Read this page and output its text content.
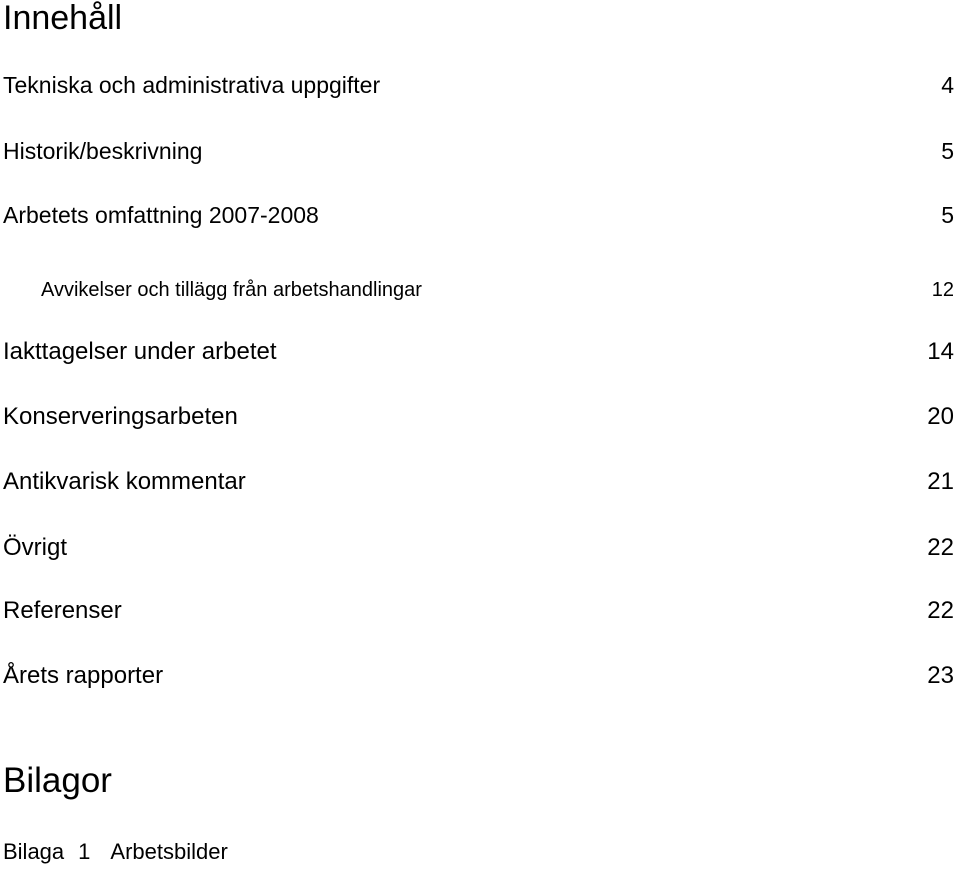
Innehåll
Tekniska och administrativa uppgifter	4
Historik/beskrivning	5
Arbetets omfattning 2007-2008	5
Avvikelser och tillägg från arbetshandlingar	12
Iakttagelser under arbetet	14
Konserveringsarbeten	20
Antikvarisk kommentar	21
Övrigt	22
Referenser	22
Årets rapporter	23
Bilagor
Bilaga 1 Arbetsbilder
